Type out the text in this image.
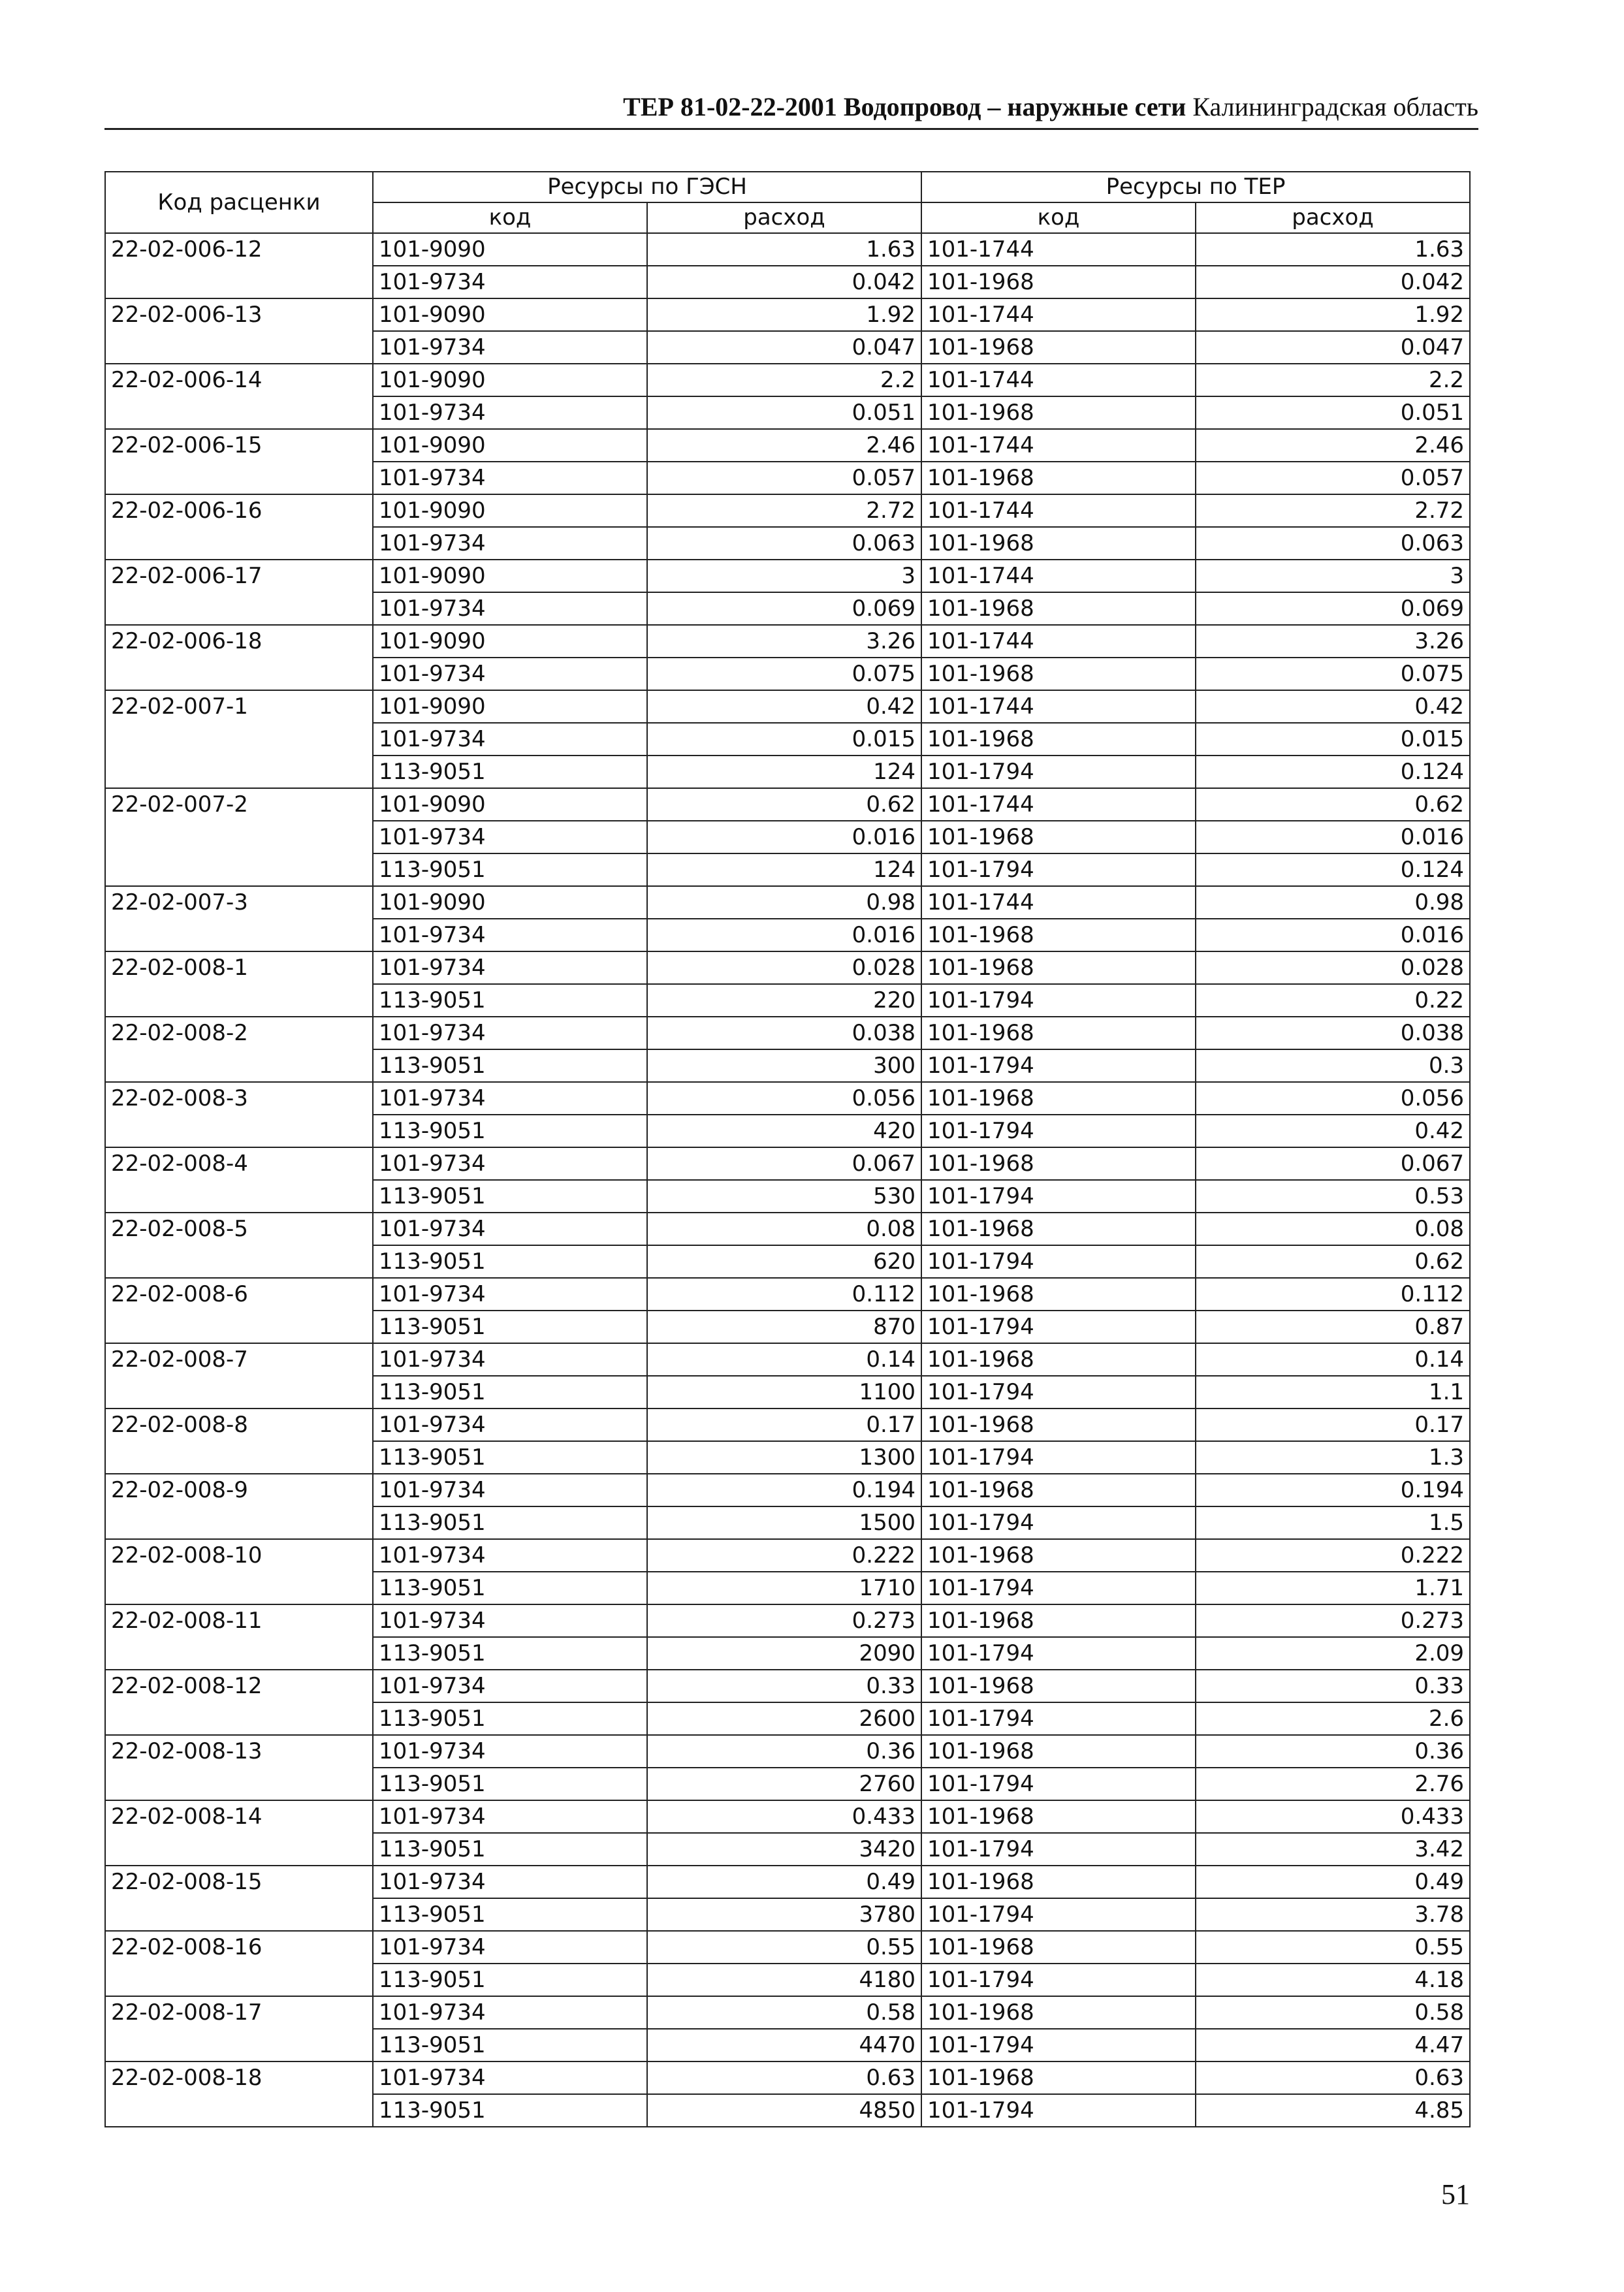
ТЕР 81-02-22-2001 Водопровод – наружные сети Калининградская область
Код расценки	Ресурсы по ГЭСН		Ресурсы по ТЕР	
	код	расход	код	расход
22-02-006-12	101-9090	1.63	101-1744	1.63
	101-9734	0.042	101-1968	0.042
22-02-006-13	101-9090	1.92	101-1744	1.92
	101-9734	0.047	101-1968	0.047
22-02-006-14	101-9090	2.2	101-1744	2.2
	101-9734	0.051	101-1968	0.051
22-02-006-15	101-9090	2.46	101-1744	2.46
	101-9734	0.057	101-1968	0.057
22-02-006-16	101-9090	2.72	101-1744	2.72
	101-9734	0.063	101-1968	0.063
22-02-006-17	101-9090	3	101-1744	3
	101-9734	0.069	101-1968	0.069
22-02-006-18	101-9090	3.26	101-1744	3.26
	101-9734	0.075	101-1968	0.075
22-02-007-1	101-9090	0.42	101-1744	0.42
	101-9734	0.015	101-1968	0.015
	113-9051	124	101-1794	0.124
22-02-007-2	101-9090	0.62	101-1744	0.62
	101-9734	0.016	101-1968	0.016
	113-9051	124	101-1794	0.124
22-02-007-3	101-9090	0.98	101-1744	0.98
	101-9734	0.016	101-1968	0.016
22-02-008-1	101-9734	0.028	101-1968	0.028
	113-9051	220	101-1794	0.22
22-02-008-2	101-9734	0.038	101-1968	0.038
	113-9051	300	101-1794	0.3
22-02-008-3	101-9734	0.056	101-1968	0.056
	113-9051	420	101-1794	0.42
22-02-008-4	101-9734	0.067	101-1968	0.067
	113-9051	530	101-1794	0.53
22-02-008-5	101-9734	0.08	101-1968	0.08
	113-9051	620	101-1794	0.62
22-02-008-6	101-9734	0.112	101-1968	0.112
	113-9051	870	101-1794	0.87
22-02-008-7	101-9734	0.14	101-1968	0.14
	113-9051	1100	101-1794	1.1
22-02-008-8	101-9734	0.17	101-1968	0.17
	113-9051	1300	101-1794	1.3
22-02-008-9	101-9734	0.194	101-1968	0.194
	113-9051	1500	101-1794	1.5
22-02-008-10	101-9734	0.222	101-1968	0.222
	113-9051	1710	101-1794	1.71
22-02-008-11	101-9734	0.273	101-1968	0.273
	113-9051	2090	101-1794	2.09
22-02-008-12	101-9734	0.33	101-1968	0.33
	113-9051	2600	101-1794	2.6
22-02-008-13	101-9734	0.36	101-1968	0.36
	113-9051	2760	101-1794	2.76
22-02-008-14	101-9734	0.433	101-1968	0.433
	113-9051	3420	101-1794	3.42
22-02-008-15	101-9734	0.49	101-1968	0.49
	113-9051	3780	101-1794	3.78
22-02-008-16	101-9734	0.55	101-1968	0.55
	113-9051	4180	101-1794	4.18
22-02-008-17	101-9734	0.58	101-1968	0.58
	113-9051	4470	101-1794	4.47
22-02-008-18	101-9734	0.63	101-1968	0.63
	113-9051	4850	101-1794	4.85
51
